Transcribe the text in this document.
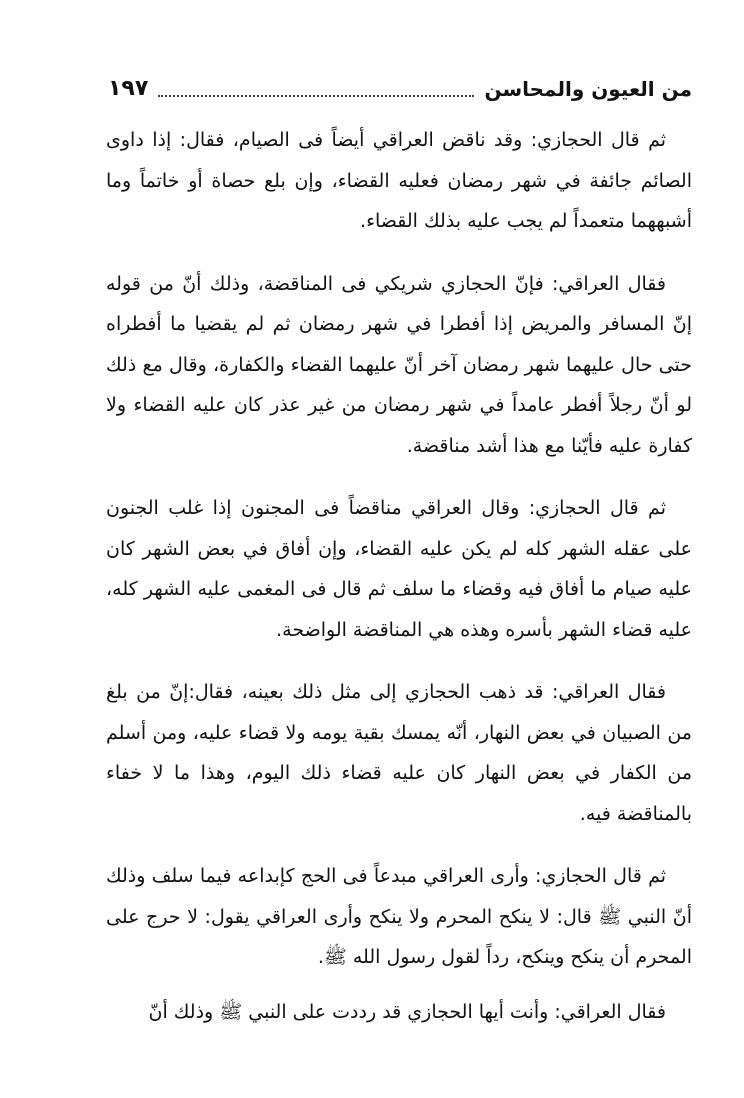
من العيون والمحاسن
١٩٧

ثم قال الحجازي: وقد ناقض العراقي أيضاً فى الصيام، فقال: إذا داوى الصائم جائفة في شهر رمضان فعليه القضاء، وإن بلع حصاة أو خاتماً وما أشبههما متعمداً لم يجب عليه بذلك القضاء.

فقال العراقي: فإنّ الحجازي شريكي فى المناقضة، وذلك أنّ من قوله إنّ المسافر والمريض إذا أفطرا في شهر رمضان ثم لم يقضيا ما أفطراه حتى حال عليهما شهر رمضان آخر أنّ عليهما القضاء والكفارة، وقال مع ذلك لو أنّ رجلاً أفطر عامداً في شهر رمضان من غير عذر كان عليه القضاء ولا كفارة عليه فأيّنا مع هذا أشد مناقضة.

ثم قال الحجازي: وقال العراقي مناقضاً فى المجنون إذا غلب الجنون على عقله الشهر كله لم يكن عليه القضاء، وإن أفاق في بعض الشهر كان عليه صيام ما أفاق فيه وقضاء ما سلف ثم قال فى المغمى عليه الشهر كله، عليه قضاء الشهر بأسره وهذه هي المناقضة الواضحة.

فقال العراقي: قد ذهب الحجازي إلى مثل ذلك بعينه، فقال:إنّ من بلغ من الصبيان في بعض النهار، أنّه يمسك بقية يومه ولا قضاء عليه، ومن أسلم من الكفار في بعض النهار كان عليه قضاء ذلك اليوم، وهذا ما لا خفاء بالمناقضة فيه.

ثم قال الحجازي: وأرى العراقي مبدعاً فى الحج كإبداعه فيما سلف وذلك أنّ النبي ﷺ قال: لا ينكح المحرم ولا ينكح وأرى العراقي يقول: لا حرج على المحرم أن ينكح وينكح، رداً لقول رسول الله ﷺ.

فقال العراقي: وأنت أيها الحجازي قد رددت على النبي ﷺ وذلك أنّ
